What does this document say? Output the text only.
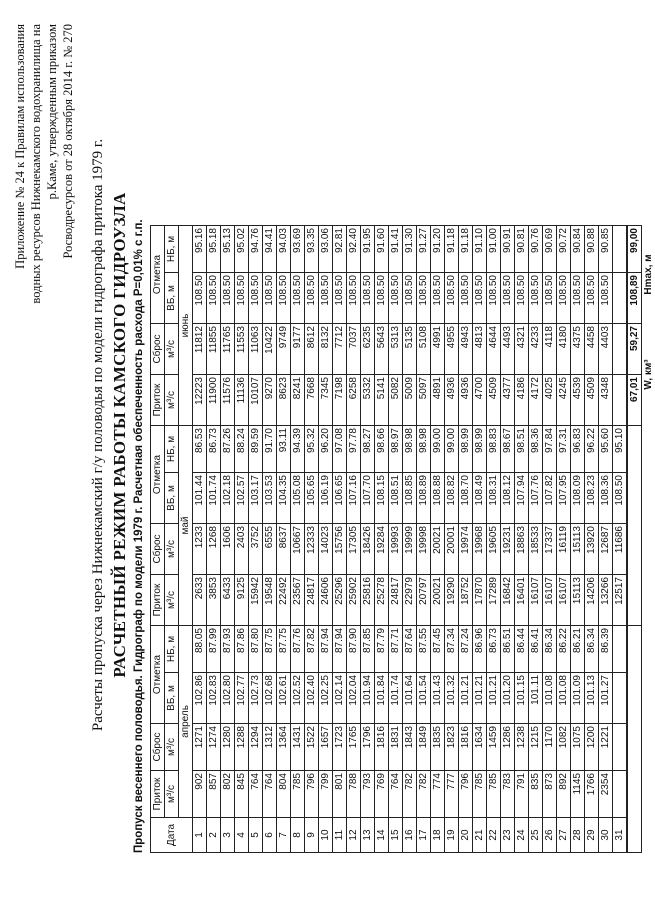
Приложение № 24 к Правилам использования водных ресурсов Нижнекамского водохранилища на р.Каме, утвержденным приказом Росводресурсов от 28 октября 2014 г. № 270 Расчеты пропуска через Нижнекамский г/у половодья по модели гидрографа притока 1979 г. РАСЧЕТНЫЙ РЕЖИМ РАБОТЫ КАМСКОГО ГИДРОУЗЛА Пропуск весеннего половодья. Гидрограф по модели 1979 г. Расчетная обеспеченность расхода P=0,01% с г.п. Дата	Приток	Сброс	Отметка		Приток	Сброс	Отметка		Приток	Сброс	Отметка	
	м³/с	м³/с	ВБ, м	НБ, м	м³/с	м³/с	ВБ, м	НБ, м	м³/с	м³/с	ВБ, м	НБ, м
	апрель				май				июнь			
1	902	1271	102.86	88.05	2633	1233	101.44	86.53	12223	11812	108.50	95.16
2	857	1274	102.83	87.99	3853	1268	101.74	86.73	11900	11855	108.50	95.18
3	802	1280	102.80	87.93	6433	1606	102.18	87.26	11576	11765	108.50	95.13
4	845	1288	102.77	87.86	9125	2403	102.57	88.24	11136	11553	108.50	95.02
5	764	1294	102.73	87.80	15942	3752	103.17	89.59	10107	11063	108.50	94.76
6	764	1312	102.68	87.75	19548	6555	103.53	91.70	9270	10422	108.50	94.41
7	804	1364	102.61	87.75	22492	8637	104.35	93.11	8623	9749	108.50	94.03
8	785	1431	102.52	87.76	23567	10667	105.08	94.39	8241	9177	108.50	93.69
9	796	1522	102.40	87.82	24817	12333	105.65	95.32	7668	8612	108.50	93.35
10	799	1657	102.25	87.94	24606	14023	106.19	96.20	7345	8132	108.50	93.06
11	801	1723	102.14	87.94	25296	15756	106.65	97.08	7198	7712	108.50	92.81
12	788	1765	102.04	87.90	25902	17305	107.16	97.78	6258	7037	108.50	92.40
13	793	1796	101.94	87.85	25816	18426	107.70	98.27	5332	6235	108.50	91.95
14	769	1816	101.84	87.79	25278	19284	108.15	98.66	5141	5643	108.50	91.60
15	764	1831	101.74	87.71	24817	19993	108.51	98.97	5082	5313	108.50	91.41
16	782	1843	101.64	87.64	22979	19999	108.85	98.98	5009	5135	108.50	91.30
17	782	1849	101.54	87.55	20797	19998	108.89	98.98	5097	5108	108.50	91.27
18	774	1835	101.43	87.45	20021	20021	108.88	99.00	4891	4991	108.50	91.20
19	777	1823	101.32	87.34	19290	20001	108.82	99.00	4936	4955	108.50	91.18
20	796	1816	101.21	87.24	18752	19974	108.70	98.99	4936	4943	108.50	91.18
21	785	1634	101.21	86.96	17870	19968	108.49	98.99	4700	4813	108.50	91.10
22	785	1459	101.21	86.73	17289	19605	108.31	98.83	4509	4644	108.50	91.00
23	783	1286	101.20	86.51	16842	19231	108.12	98.67	4377	4493	108.50	90.91
24	791	1238	101.15	86.44	16401	18863	107.94	98.51	4186	4321	108.50	90.81
25	835	1215	101.11	86.41	16107	18533	107.76	98.36	4172	4233	108.50	90.76
26	873	1170	101.08	86.34	16107	17337	107.82	97.84	4025	4118	108.50	90.69
27	892	1082	101.08	86.22	16107	16119	107.95	97.31	4245	4180	108.50	90.72
28	1145	1075	101.09	86.21	15113	15113	108.09	96.83	4539	4375	108.50	90.84
29	1766	1200	101.13	86.34	14206	13920	108.23	96.22	4509	4458	108.50	90.88
30	2354	1221	101.27	86.39	13266	12687	108.36	95.60	4348	4403	108.50	90.85
31					12517	11686	108.50	95.10				
									67,01	59,27	108,89	99,00
									W, км³		Hmax, м	
